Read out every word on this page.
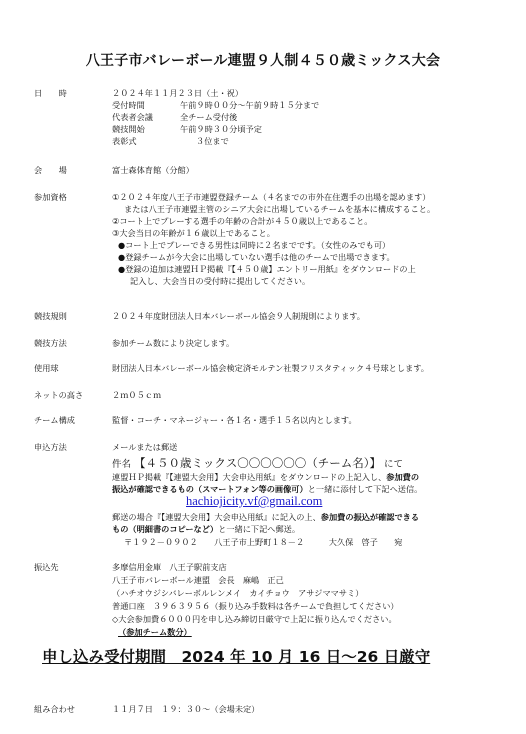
八王子市バレーボール連盟９人制４５０歳ミックス大会
日　　時	２０２４年１１月２３日（土・祝）
受付時間	午前９時００分～午前９時１５分まで
代表者会議	全チーム受付後
競技開始	午前９時３０分頃予定
表彰式	３位まで
会　　場	富士森体育館（分館）
参加資格	①２０２４年度八王子市連盟登録チーム（４名までの市外在住選手の出場を認めます）
または八王子市連盟主管のシニア大会に出場しているチームを基本に構成すること。
②コート上でプレーする選手の年齢の合計が４５０歳以上であること。
③大会当日の年齢が１６歳以上であること。
●コート上でプレーできる男性は同時に２名までです。（女性のみでも可）
●登録チームが今大会に出場していない選手は他のチームで出場できます。
●登録の追加は連盟ＨＰ掲載『【４５０歳】エントリー用紙』をダウンロードの上
記入し、大会当日の受付時に提出してください。
競技規則	２０２４年度財団法人日本バレーボール協会９人制規則によります。
競技方法	参加チーム数により決定します。
使用球	財団法人日本バレーボール協会検定済モルテン社製フリスタティック４号球とします。
ネットの高さ	２ｍ０５ｃｍ
チーム構成	監督・コーチ・マネージャー・各１名・選手１５名以内とします。
申込方法	メールまたは郵送
件名 【４５０歳ミックス〇〇〇〇〇〇（チーム名）】 にて
連盟ＨＰ掲載『【連盟大会用】大会申込用紙』をダウンロードの上記入し、参加費の
振込が確認できるもの（スマートフォン等の画像可）と一緒に添付して下記へ送信。
hachiojicity.vf@gmail.com
郵送の場合『【連盟大会用】大会申込用紙』に記入の上、参加費の振込が確認できる
もの（明細書のコピーなど）と一緒に下記へ郵送。
〒１９２－０９０２　　八王子市上野町１８－２　　　大久保　啓子　　宛
振込先	多摩信用金庫　八王子駅前支店
八王子市バレーボール連盟　会長　麻嶋　正己
（ハチオウジシバレーボルレンメイ　カイチョウ　アサジママサミ）
普通口座　３９６３９５６（振り込み手数料は各チームで負担してください）
◇大会参加費６０００円を申し込み締切日厳守で上記に振り込んでください。
（参加チーム数分）
申し込み受付期間　2024 年 10 月 16 日～26 日厳守
組み合わせ	１１月７日　１９：３０～（会場未定）
